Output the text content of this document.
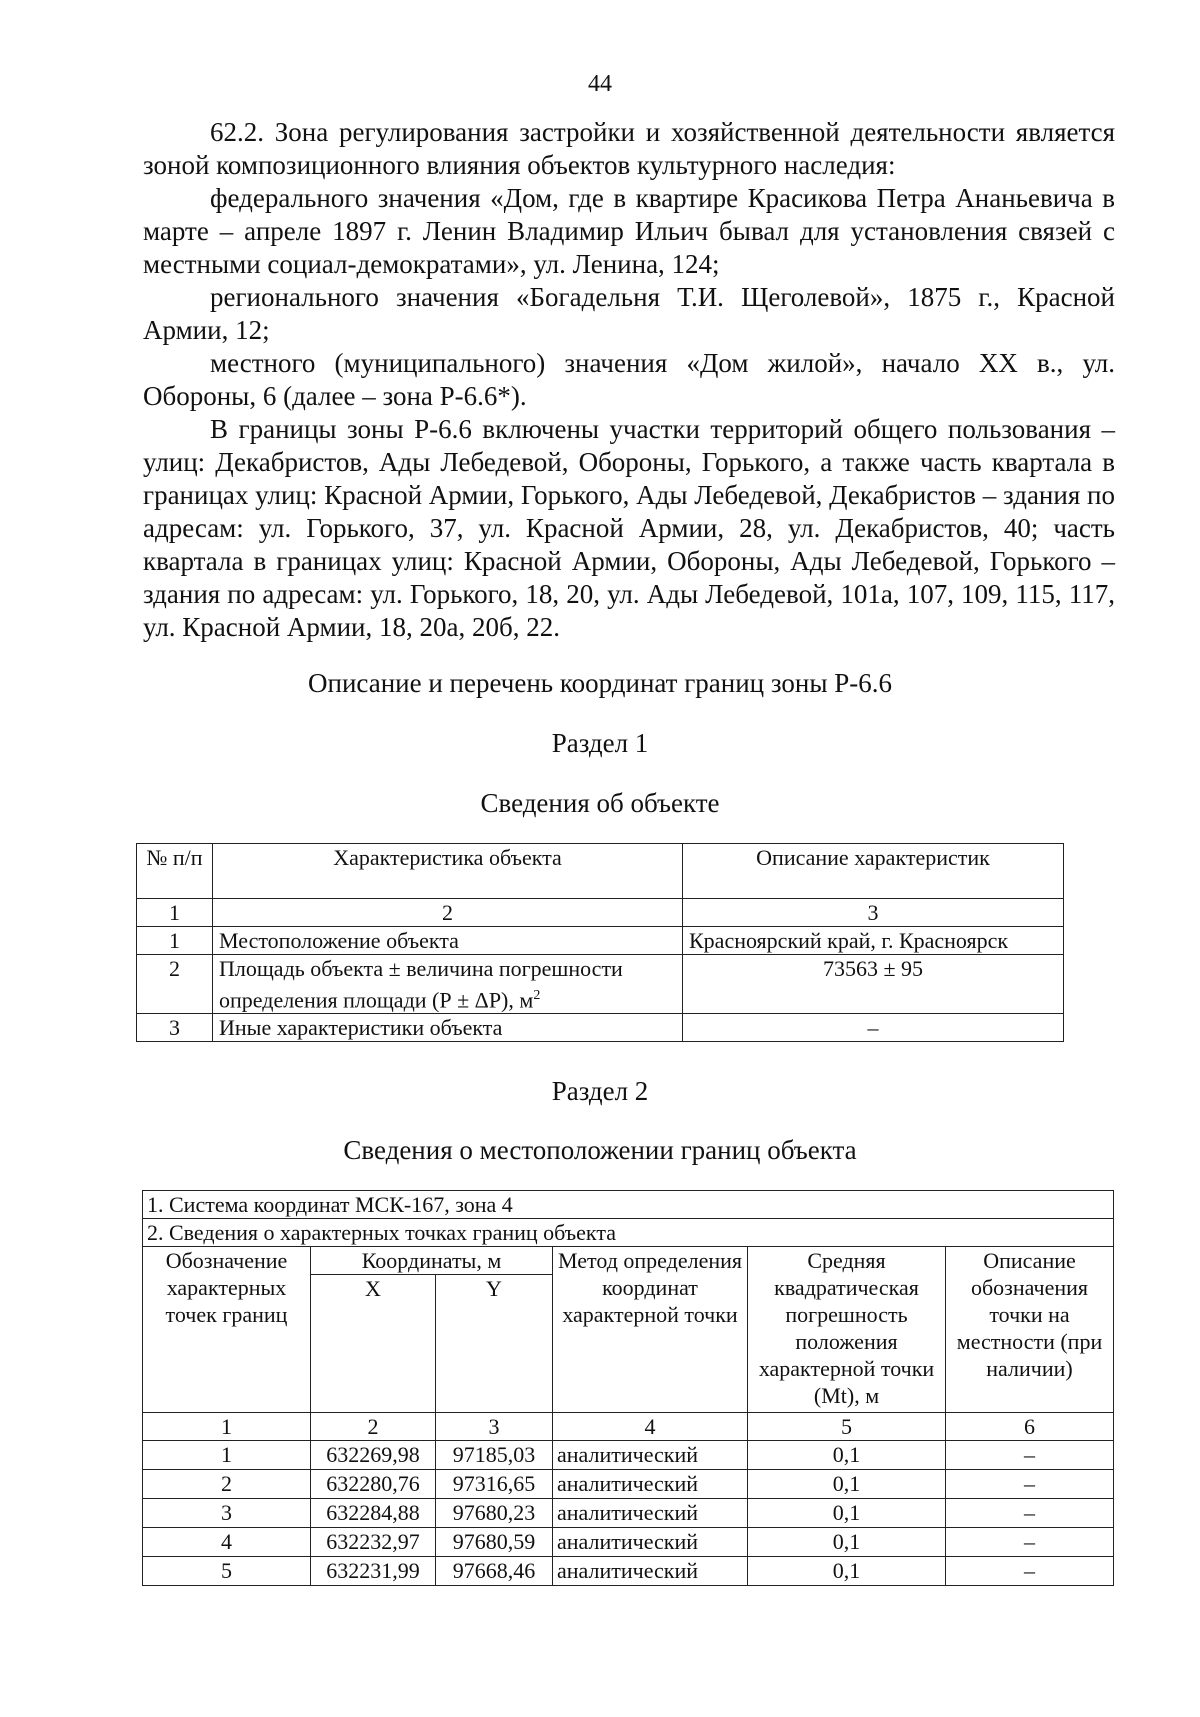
44

62.2. Зона регулирования застройки и хозяйственной деятельности является зоной композиционного влияния объектов культурного наследия:

федерального значения «Дом, где в квартире Красикова Петра Ананьевича в марте – апреле 1897 г. Ленин Владимир Ильич бывал для установления связей с местными социал-демократами», ул. Ленина, 124;

регионального значения «Богадельня Т.И. Щеголевой», 1875 г., Красной Армии, 12;

местного (муниципального) значения «Дом жилой», начало XX в., ул. Обороны, 6 (далее – зона Р-6.6*).

В границы зоны Р-6.6 включены участки территорий общего пользования – улиц: Декабристов, Ады Лебедевой, Обороны, Горького, а также часть квартала в границах улиц: Красной Армии, Горького, Ады Лебедевой, Декабристов – здания по адресам: ул. Горького, 37, ул. Красной Армии, 28, ул. Декабристов, 40; часть квартала в границах улиц: Красной Армии, Обороны, Ады Лебедевой, Горького – здания по адресам: ул. Горького, 18, 20, ул. Ады Лебедевой, 101а, 107, 109, 115, 117, ул. Красной Армии, 18, 20а, 20б, 22.

Описание и перечень координат границ зоны Р-6.6
Раздел 1
Сведения об объекте
№ п/п	Характеристика объекта	Описание характеристик
1	2	3
1	Местоположение объекта	Красноярский край, г. Красноярск
2	Площадь объекта ± величина погрешности определения площади (Р ± ΔР), $м^2$	73563 ± 95
3	Иные характеристики объекта	–
Раздел 2
Сведения о местоположении границ объекта
1. Система координат МСК-167, зона 4					
2. Сведения о характерных точках границ объекта					
Обозначение характерных точек границ	Координаты, м		Метод определения координат характерной точки	Средняя квадратическая погрешность положения характерной точки (Mt), м	Описание обозначения точки на местности (при наличии)
	X	Y			
1	2	3	4	5	6
1	632269,98	97185,03	аналитический	0,1	–
2	632280,76	97316,65	аналитический	0,1	–
3	632284,88	97680,23	аналитический	0,1	–
4	632232,97	97680,59	аналитический	0,1	–
5	632231,99	97668,46	аналитический	0,1	–
